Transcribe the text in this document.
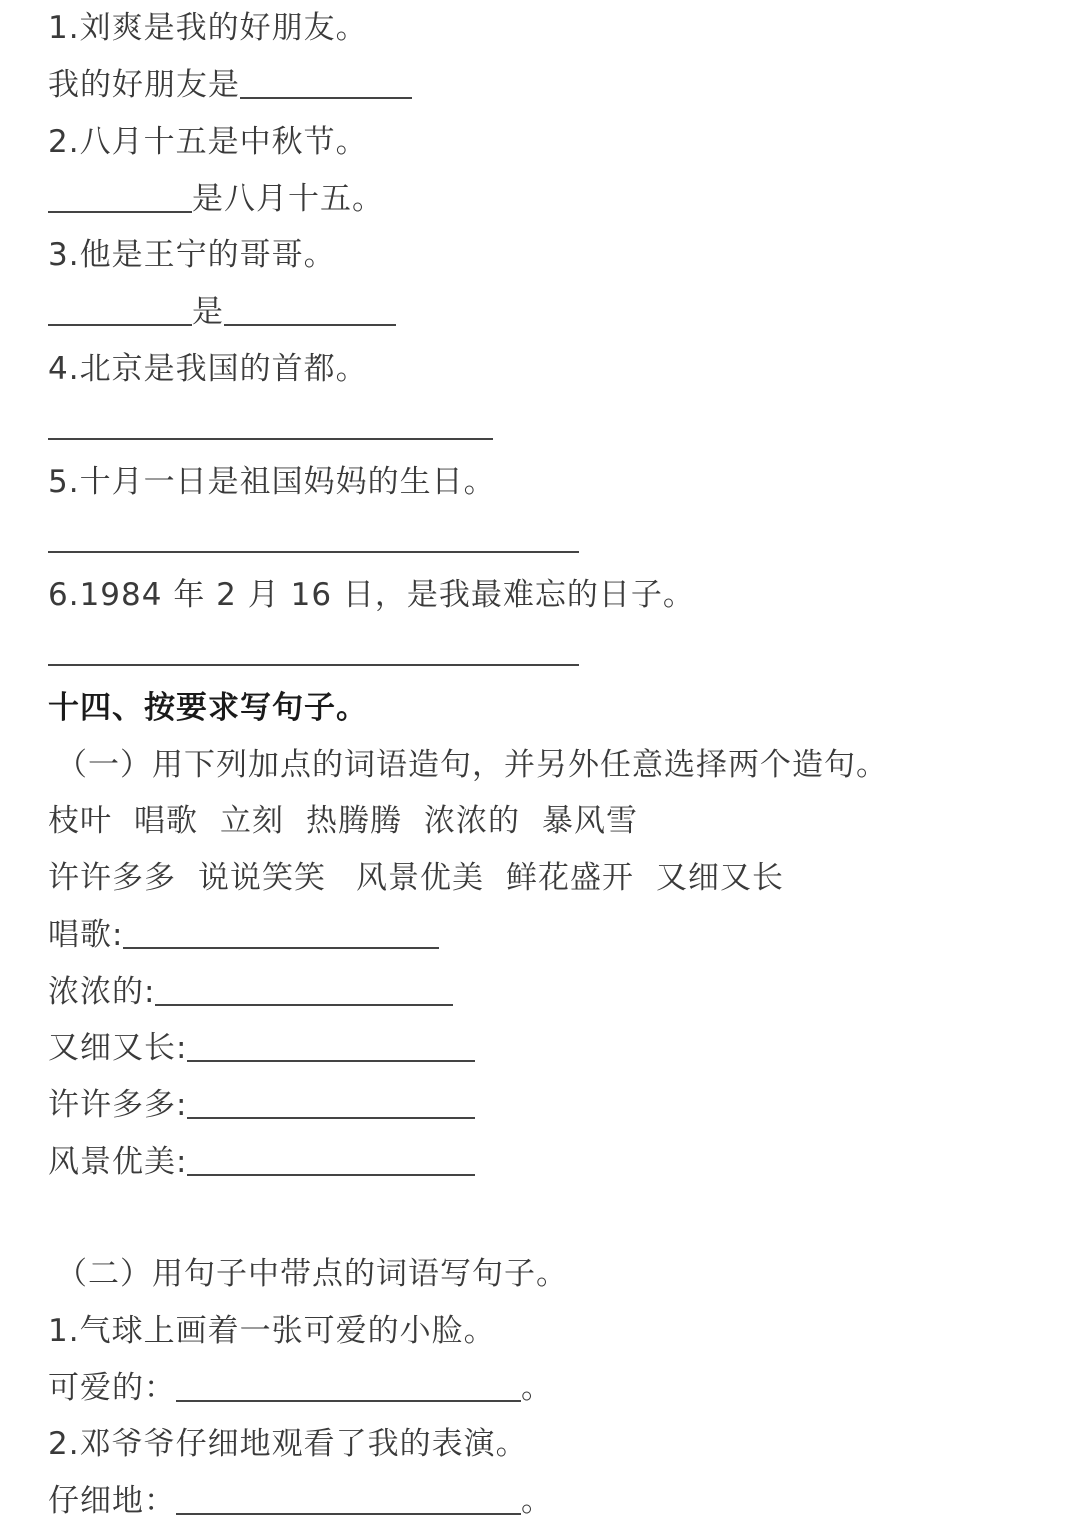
1.刘爽是我的好朋友。
我的好朋友是
2.八月十五是中秋节。
是八月十五。
3.他是王宁的哥哥。
是
4.北京是我国的首都。
5.十月一日是祖国妈妈的生日。
6.1984 年 2 月 16 日，是我最难忘的日子。
十四、按要求写句子。
（一）用下列加点的词语造句，并另外任意选择两个造句。
枝叶 唱歌 立刻 热腾腾 浓浓的 暴风雪
许许多多 说说笑笑 风景优美 鲜花盛开 又细又长
唱歌:
浓浓的:
又细又长:
许许多多:
风景优美:
（二）用句子中带点的词语写句子。
1.气球上画着一张可爱的小脸。
可爱的：	。
2.邓爷爷仔细地观看了我的表演。
仔细地：	。
